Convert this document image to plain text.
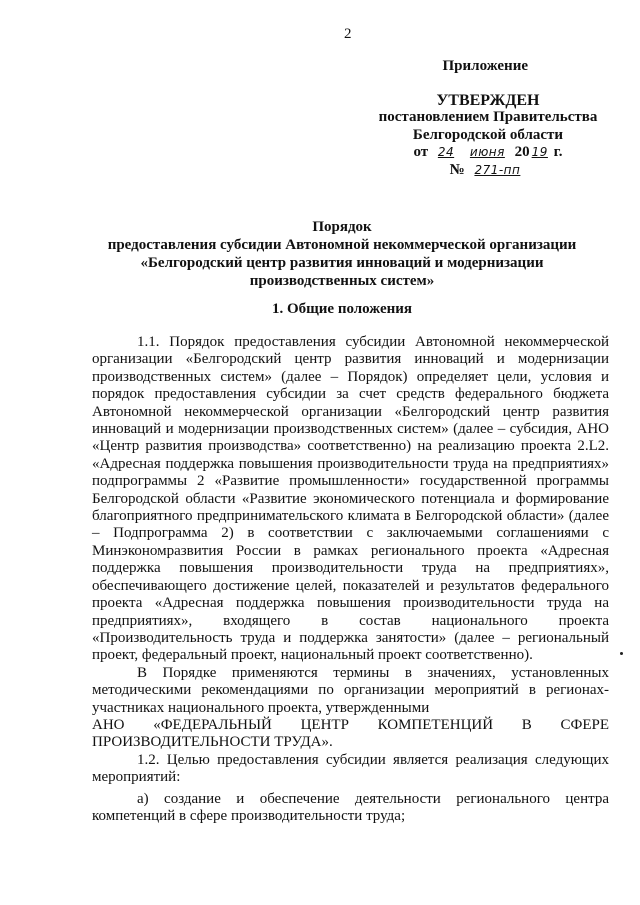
2
Приложение
УТВЕРЖДЕН
постановлением Правительства
Белгородской области
от 24 июня 20 19 г.
№ 271-пп
Порядок
предоставления субсидии Автономной некоммерческой организации
«Белгородский центр развития инноваций и модернизации
производственных систем»
1. Общие положения

1.1. Порядок предоставления субсидии Автономной некоммерческой организации «Белгородский центр развития инноваций и модернизации производственных систем» (далее – Порядок) определяет цели, условия и порядок предоставления субсидии за счет средств федерального бюджета Автономной некоммерческой организации «Белгородский центр развития инноваций и модернизации производственных систем» (далее – субсидия, АНО «Центр развития производства» соответственно) на реализацию проекта 2.L2. «Адресная поддержка повышения производительности труда на предприятиях» подпрограммы 2 «Развитие промышленности» государственной программы Белгородской области «Развитие экономического потенциала и формирование благоприятного предпринимательского климата в Белгородской области» (далее – Подпрограмма 2) в соответствии с заключаемыми соглашениями с Минэкономразвития России в рамках регионального проекта «Адресная поддержка повышения производительности труда на предприятиях», обеспечивающего достижение целей, показателей и результатов федерального проекта «Адресная поддержка повышения производительности труда на предприятиях», входящего в состав национального проекта «Производительность труда и поддержка занятости» (далее – региональный проект, федеральный проект, национальный проект соответственно).

В Порядке применяются термины в значениях, установленных методическими рекомендациями по организации мероприятий в регионах-участниках национального проекта, утвержденными

АНО «ФЕДЕРАЛЬНЫЙ ЦЕНТР КОМПЕТЕНЦИЙ В СФЕРЕ ПРОИЗВОДИТЕЛЬНОСТИ ТРУДА».

1.2. Целью предоставления субсидии является реализация следующих мероприятий:

а) создание и обеспечение деятельности регионального центра компетенций в сфере производительности труда;
